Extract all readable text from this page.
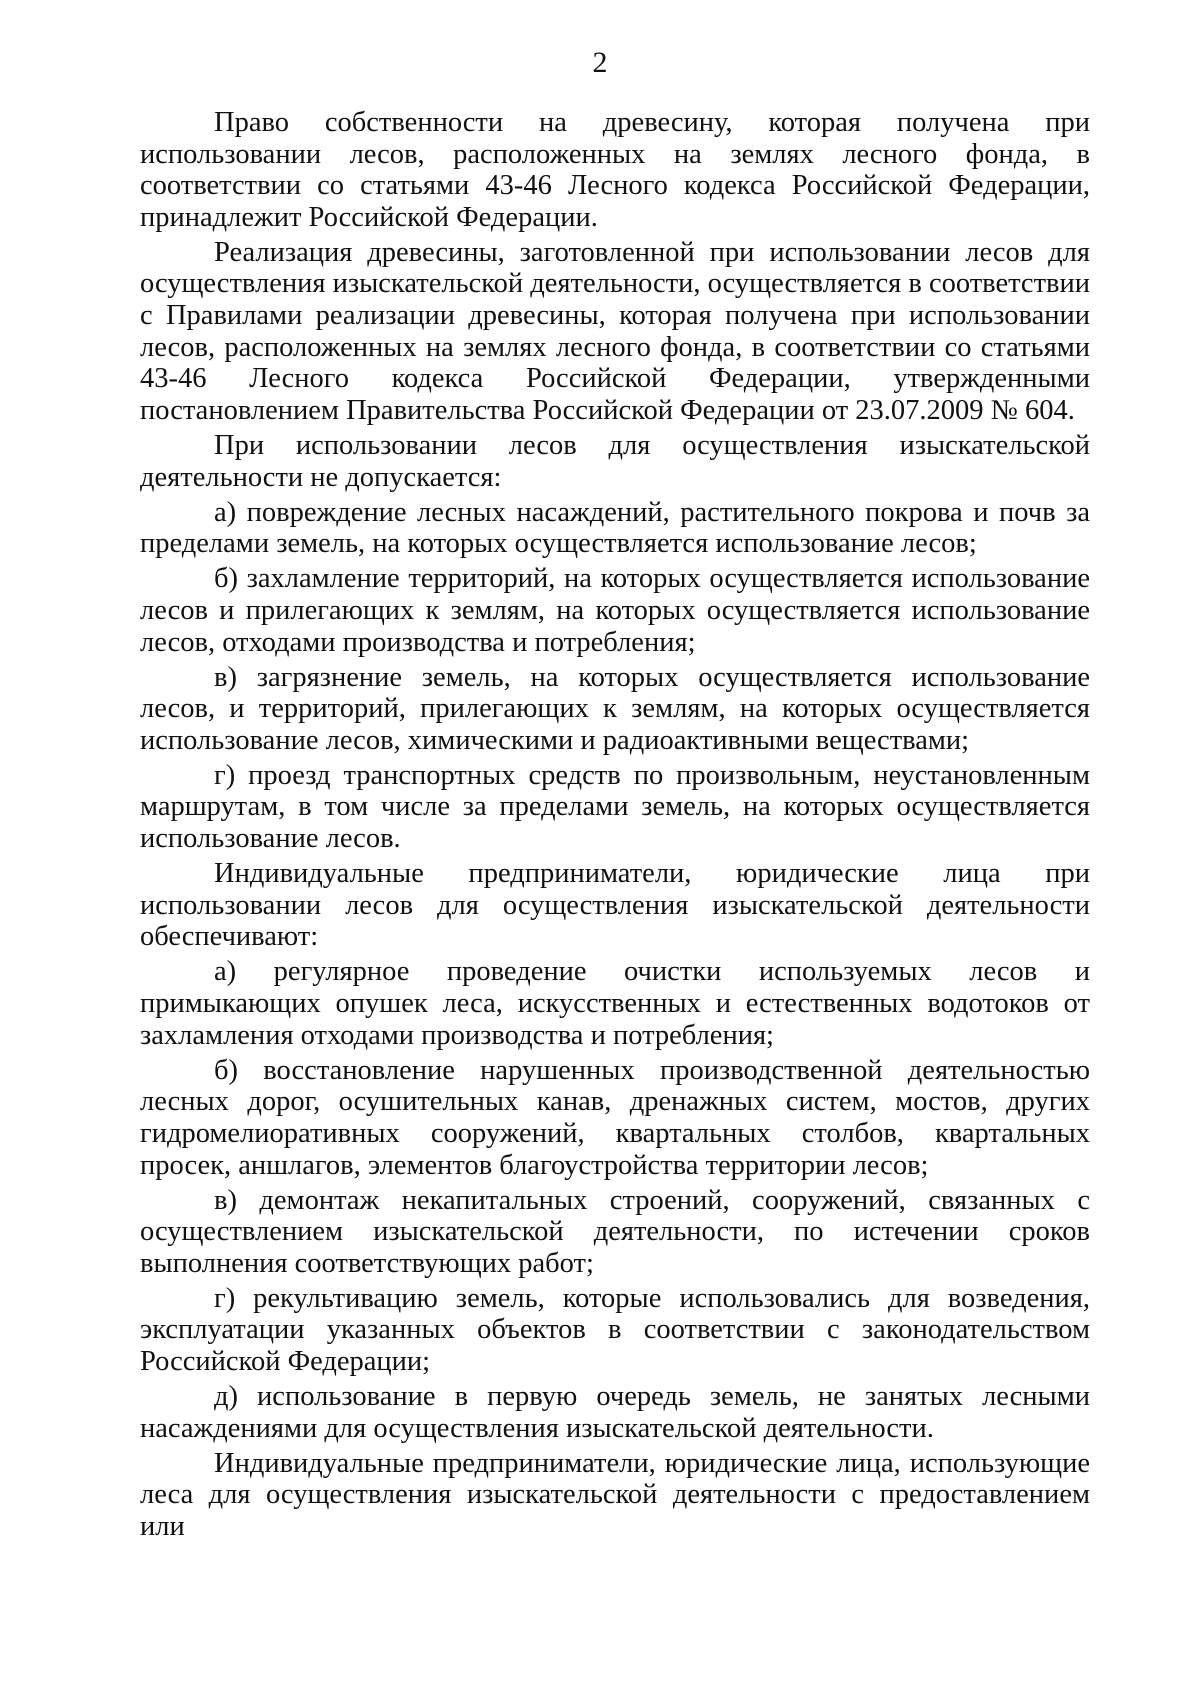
2

Право собственности на древесину, которая получена при использовании лесов, расположенных на землях лесного фонда, в соответствии со статьями 43-46 Лесного кодекса Российской Федерации, принадлежит Российской Федерации.

Реализация древесины, заготовленной при использовании лесов для осуществления изыскательской деятельности, осуществляется в соответствии с Правилами реализации древесины, которая получена при использовании лесов, расположенных на землях лесного фонда, в соответствии со статьями 43-46 Лесного кодекса Российской Федерации, утвержденными постановлением Правительства Российской Федерации от 23.07.2009 № 604.

При использовании лесов для осуществления изыскательской деятельности не допускается:

а) повреждение лесных насаждений, растительного покрова и почв за пределами земель, на которых осуществляется использование лесов;

б) захламление территорий, на которых осуществляется использование лесов и прилегающих к землям, на которых осуществляется использование лесов, отходами производства и потребления;

в) загрязнение земель, на которых осуществляется использование лесов, и территорий, прилегающих к землям, на которых осуществляется использование лесов, химическими и радиоактивными веществами;

г) проезд транспортных средств по произвольным, неустановленным маршрутам, в том числе за пределами земель, на которых осуществляется использование лесов.

Индивидуальные предприниматели, юридические лица при использовании лесов для осуществления изыскательской деятельности обеспечивают:

а) регулярное проведение очистки используемых лесов и примыкающих опушек леса, искусственных и естественных водотоков от захламления отходами производства и потребления;

б) восстановление нарушенных производственной деятельностью лесных дорог, осушительных канав, дренажных систем, мостов, других гидромелиоративных сооружений, квартальных столбов, квартальных просек, аншлагов, элементов благоустройства территории лесов;

в) демонтаж некапитальных строений, сооружений, связанных с осуществлением изыскательской деятельности, по истечении сроков выполнения соответствующих работ;

г) рекультивацию земель, которые использовались для возведения, эксплуатации указанных объектов в соответствии с законодательством Российской Федерации;

д) использование в первую очередь земель, не занятых лесными насаждениями для осуществления изыскательской деятельности.

Индивидуальные предприниматели, юридические лица, использующие леса для осуществления изыскательской деятельности с предоставлением или
